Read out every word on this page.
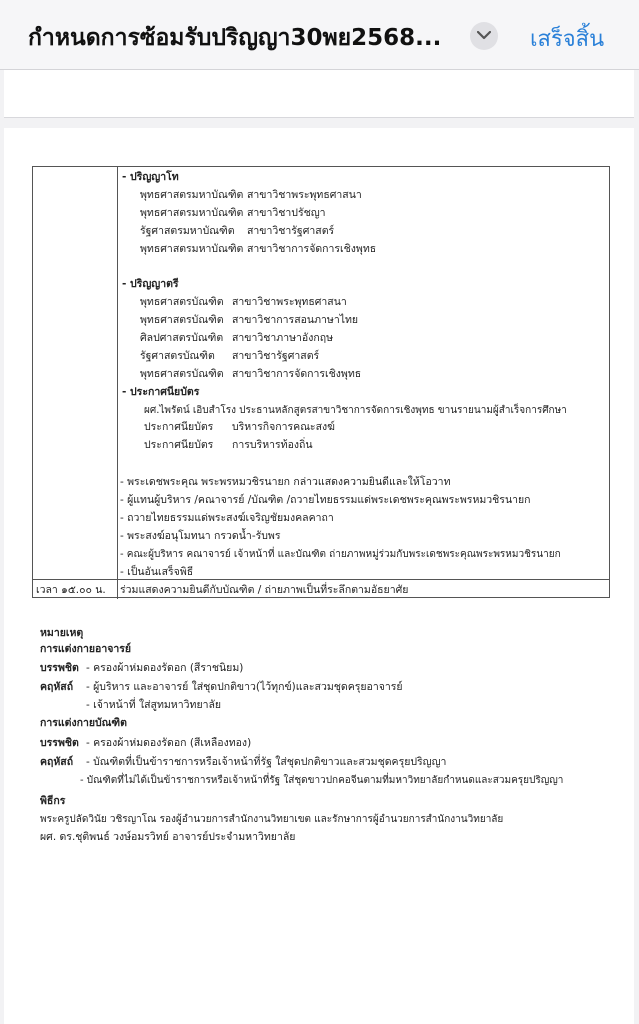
กำหนดการซ้อมรับปริญญา30พย2568...	เสร็จสิ้น
- ปริญญาโท
พุทธศาสตรมหาบัณฑิต สาขาวิชาพระพุทธศาสนา
พุทธศาสตรมหาบัณฑิต สาขาวิชาปรัชญา
รัฐศาสตรมหาบัณฑิต สาขาวิชารัฐศาสตร์
พุทธศาสตรมหาบัณฑิต สาขาวิชาการจัดการเชิงพุทธ
- ปริญญาตรี
พุทธศาสตรบัณฑิต สาขาวิชาพระพุทธศาสนา
พุทธศาสตรบัณฑิต สาขาวิชาการสอนภาษาไทย
ศิลปศาสตรบัณฑิต สาขาวิชาภาษาอังกฤษ
รัฐศาสตรบัณฑิต สาขาวิชารัฐศาสตร์
พุทธศาสตรบัณฑิต สาขาวิชาการจัดการเชิงพุทธ
- ประกาศนียบัตร
ผศ.ไพรัตน์ เอิบสำโรง ประธานหลักสูตรสาขาวิชาการจัดการเชิงพุทธ ขานรายนามผู้สำเร็จการศึกษา
ประกาศนียบัตร บริหารกิจการคณะสงฆ์
ประกาศนียบัตร การบริหารท้องถิ่น
- พระเดชพระคุณ พระพรหมวชิรนายก กล่าวแสดงความยินดีและให้โอวาท
- ผู้แทนผู้บริหาร /คณาจารย์ /บัณฑิต /ถวายไทยธรรมแด่พระเดชพระคุณพระพรหมวชิรนายก
- ถวายไทยธรรมแด่พระสงฆ์เจริญชัยมงคลคาถา
- พระสงฆ์อนุโมทนา กรวดน้ำ-รับพร
- คณะผู้บริหาร คณาจารย์ เจ้าหน้าที่ และบัณฑิต ถ่ายภาพหมู่ร่วมกับพระเดชพระคุณพระพรหมวชิรนายก
- เป็นอันเสร็จพิธี
เวลา ๑๕.๐๐ น. ร่วมแสดงความยินดีกับบัณฑิต / ถ่ายภาพเป็นที่ระลึกตามอัธยาศัย
หมายเหตุ
การแต่งกายอาจารย์
บรรพชิต - ครองผ้าห่มดองรัดอก (สีราชนิยม)
คฤหัสถ์ - ผู้บริหาร และอาจารย์ ใส่ชุดปกติขาว(ไว้ทุกข์)และสวมชุดครุยอาจารย์
- เจ้าหน้าที่ ใส่สูทมหาวิทยาลัย
การแต่งกายบัณฑิต
บรรพชิต - ครองผ้าห่มดองรัดอก (สีเหลืองทอง)
คฤหัสถ์ - บัณฑิตที่เป็นข้าราชการหรือเจ้าหน้าที่รัฐ ใส่ชุดปกติขาวและสวมชุดครุยปริญญา
- บัณฑิตที่ไม่ได้เป็นข้าราชการหรือเจ้าหน้าที่รัฐ ใส่ชุดขาวปกคอจีนตามที่มหาวิทยาลัยกำหนดและสวมครุยปริญญา
พิธีกร
พระครูปลัดวินัย วชิรญาโณ รองผู้อำนวยการสำนักงานวิทยาเขต และรักษาการผู้อำนวยการสำนักงานวิทยาลัย
ผศ. ดร.ชุติพนธ์ วงษ์อมรวิทย์ อาจารย์ประจำมหาวิทยาลัย
